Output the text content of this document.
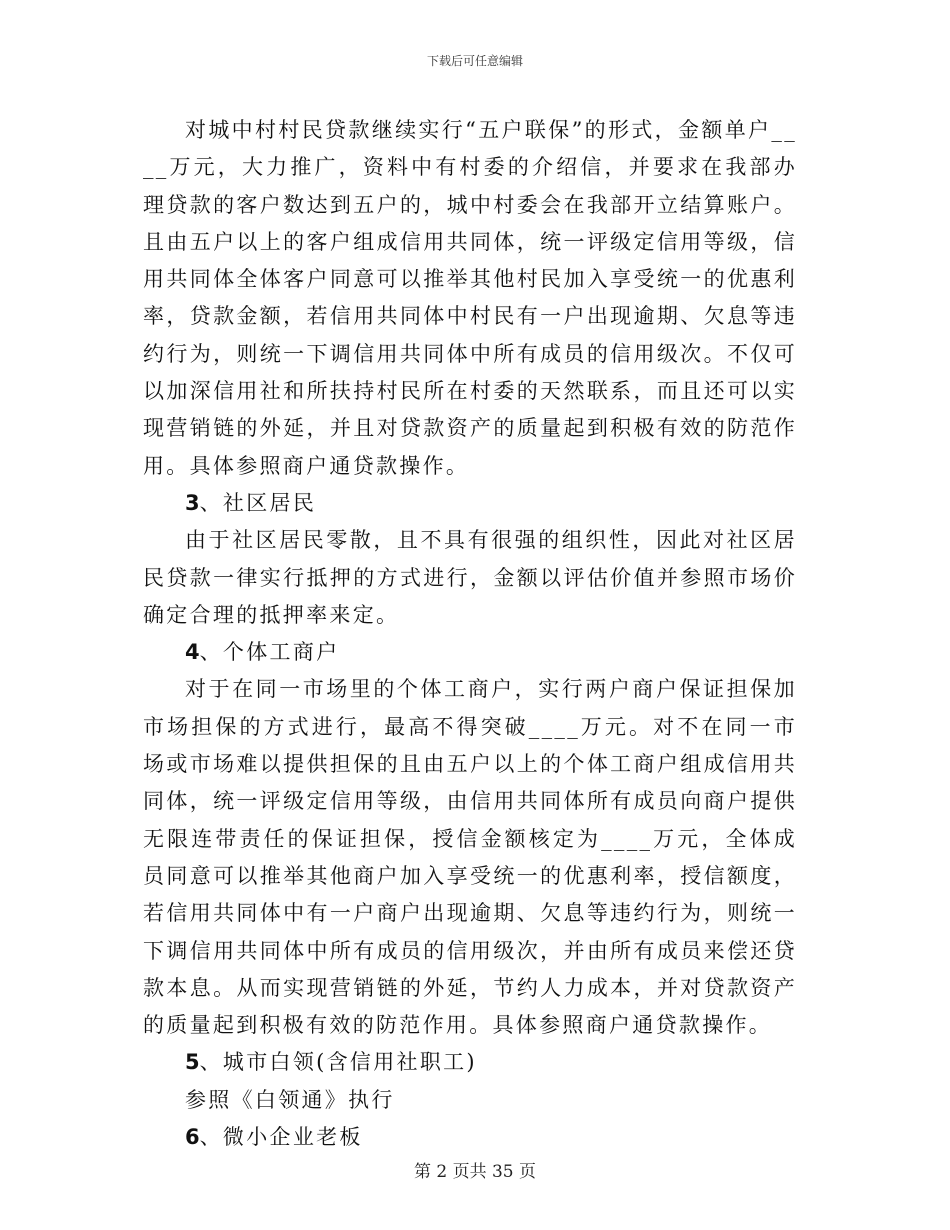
下载后可任意编辑

对城中村村民贷款继续实行“五户联保”的形式，金额单户____万元，大力推广，资料中有村委的介绍信，并要求在我部办理贷款的客户数达到五户的，城中村委会在我部开立结算账户。且由五户以上的客户组成信用共同体，统一评级定信用等级，信用共同体全体客户同意可以推举其他村民加入享受统一的优惠利率，贷款金额，若信用共同体中村民有一户出现逾期、欠息等违约行为，则统一下调信用共同体中所有成员的信用级次。不仅可以加深信用社和所扶持村民所在村委的天然联系，而且还可以实现营销链的外延，并且对贷款资产的质量起到积极有效的防范作用。具体参照商户通贷款操作。

3、社区居民

由于社区居民零散，且不具有很强的组织性，因此对社区居民贷款一律实行抵押的方式进行，金额以评估价值并参照市场价确定合理的抵押率来定。

4、个体工商户

对于在同一市场里的个体工商户，实行两户商户保证担保加市场担保的方式进行，最高不得突破____万元。对不在同一市场或市场难以提供担保的且由五户以上的个体工商户组成信用共同体，统一评级定信用等级，由信用共同体所有成员向商户提供无限连带责任的保证担保，授信金额核定为____万元，全体成员同意可以推举其他商户加入享受统一的优惠利率，授信额度，若信用共同体中有一户商户出现逾期、欠息等违约行为，则统一下调信用共同体中所有成员的信用级次，并由所有成员来偿还贷款本息。从而实现营销链的外延，节约人力成本，并对贷款资产的质量起到积极有效的防范作用。具体参照商户通贷款操作。

5、城市白领(含信用社职工)

参照《白领通》执行

6、微小企业老板

第 2 页共 35 页
